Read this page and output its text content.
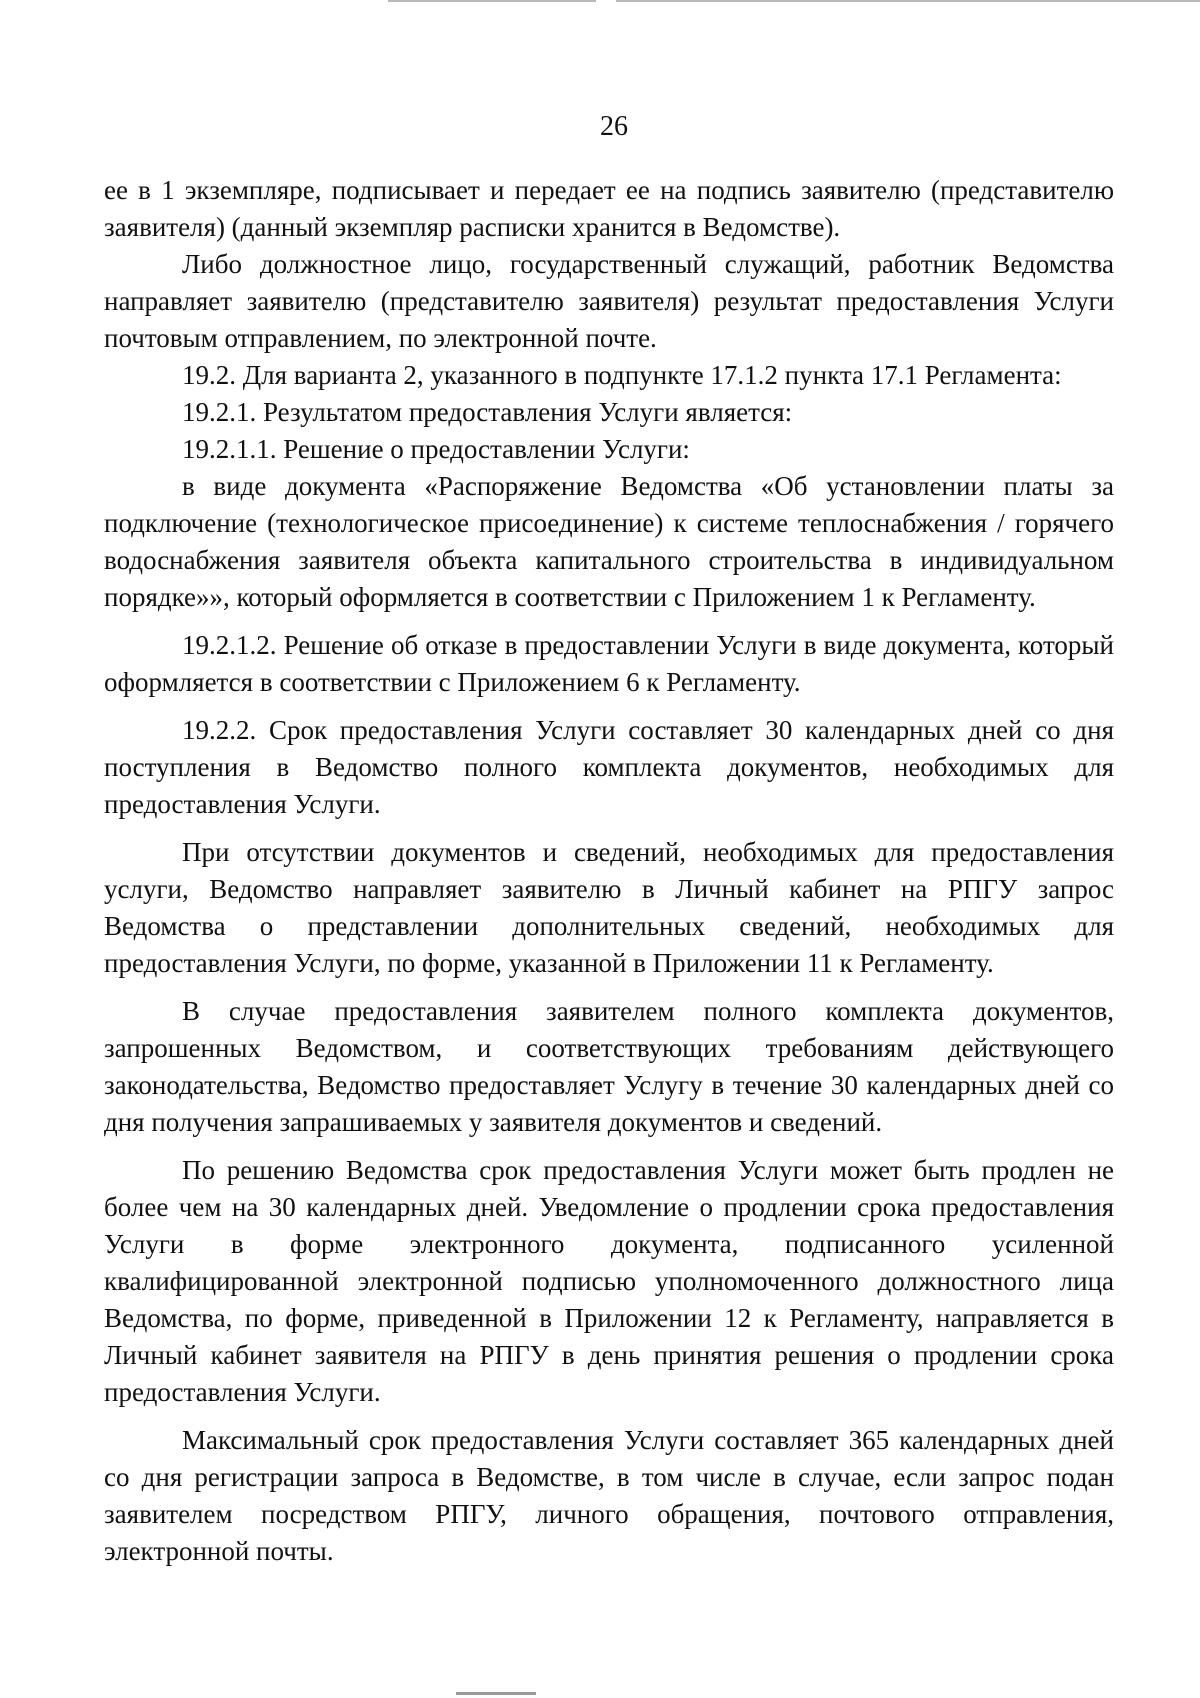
26

ее в 1 экземпляре, подписывает и передает ее на подпись заявителю (представителю заявителя) (данный экземпляр расписки хранится в Ведомстве).

Либо должностное лицо, государственный служащий, работник Ведомства направляет заявителю (представителю заявителя) результат предоставления Услуги почтовым отправлением, по электронной почте.

19.2. Для варианта 2, указанного в подпункте 17.1.2 пункта 17.1 Регламента:

19.2.1. Результатом предоставления Услуги является:

19.2.1.1. Решение о предоставлении Услуги:

в виде документа «Распоряжение Ведомства «Об установлении платы за подключение (технологическое присоединение) к системе теплоснабжения / горячего водоснабжения заявителя объекта капитального строительства в индивидуальном порядке»», который оформляется в соответствии с Приложением 1 к Регламенту.

19.2.1.2. Решение об отказе в предоставлении Услуги в виде документа, который оформляется в соответствии с Приложением 6 к Регламенту.

19.2.2. Срок предоставления Услуги составляет 30 календарных дней со дня поступления в Ведомство полного комплекта документов, необходимых для предоставления Услуги.

При отсутствии документов и сведений, необходимых для предоставления услуги, Ведомство направляет заявителю в Личный кабинет на РПГУ запрос Ведомства о представлении дополнительных сведений, необходимых для предоставления Услуги, по форме, указанной в Приложении 11 к Регламенту.

В случае предоставления заявителем полного комплекта документов, запрошенных Ведомством, и соответствующих требованиям действующего законодательства, Ведомство предоставляет Услугу в течение 30 календарных дней со дня получения запрашиваемых у заявителя документов и сведений.

По решению Ведомства срок предоставления Услуги может быть продлен не более чем на 30 календарных дней. Уведомление о продлении срока предоставления Услуги в форме электронного документа, подписанного усиленной квалифицированной электронной подписью уполномоченного должностного лица Ведомства, по форме, приведенной в Приложении 12 к Регламенту, направляется в Личный кабинет заявителя на РПГУ в день принятия решения о продлении срока предоставления Услуги.

Максимальный срок предоставления Услуги составляет 365 календарных дней со дня регистрации запроса в Ведомстве, в том числе в случае, если запрос подан заявителем посредством РПГУ, личного обращения, почтового отправления, электронной почты.
